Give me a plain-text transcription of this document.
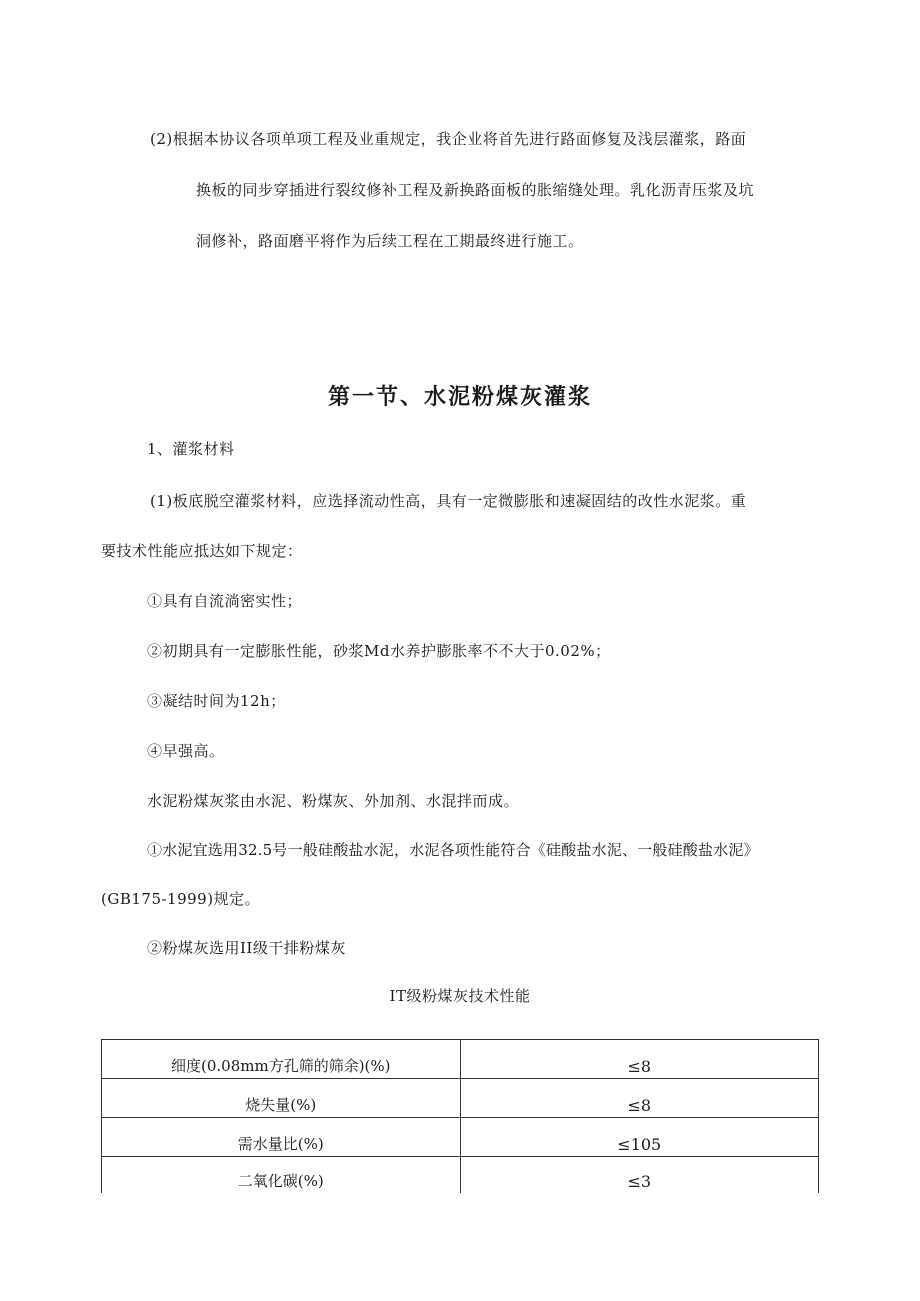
(2)根据本协议各项单项工程及业重规定，我企业将首先进行路面修复及浅层灌浆，路面
换板的同步穿插进行裂纹修补工程及新换路面板的胀缩缝处理。乳化沥青压浆及坑
洞修补，路面磨平将作为后续工程在工期最终进行施工。
第一节、水泥粉煤灰灌浆
1、灌浆材料
(1)板底脱空灌浆材料，应选择流动性高，具有一定微膨胀和速凝固结的改性水泥浆。重
要技术性能应抵达如下规定：
①具有自流淌密实性；
②初期具有一定膨胀性能，砂浆Md水养护膨胀率不不大于0.02%；
③凝结时间为12h；
④早强高。
水泥粉煤灰浆由水泥、粉煤灰、外加剂、水混拌而成。
①水泥宜选用32.5号一般硅酸盐水泥，水泥各项性能符合《硅酸盐水泥、一般硅酸盐水泥》
(GB175-1999)规定。
②粉煤灰选用II级干排粉煤灰
IT级粉煤灰技术性能
细度(0.08mm方孔筛的筛余)(%)	≤8
烧失量(%)	≤8
需水量比(%)	≤105
二氧化碳(%)	≤3
